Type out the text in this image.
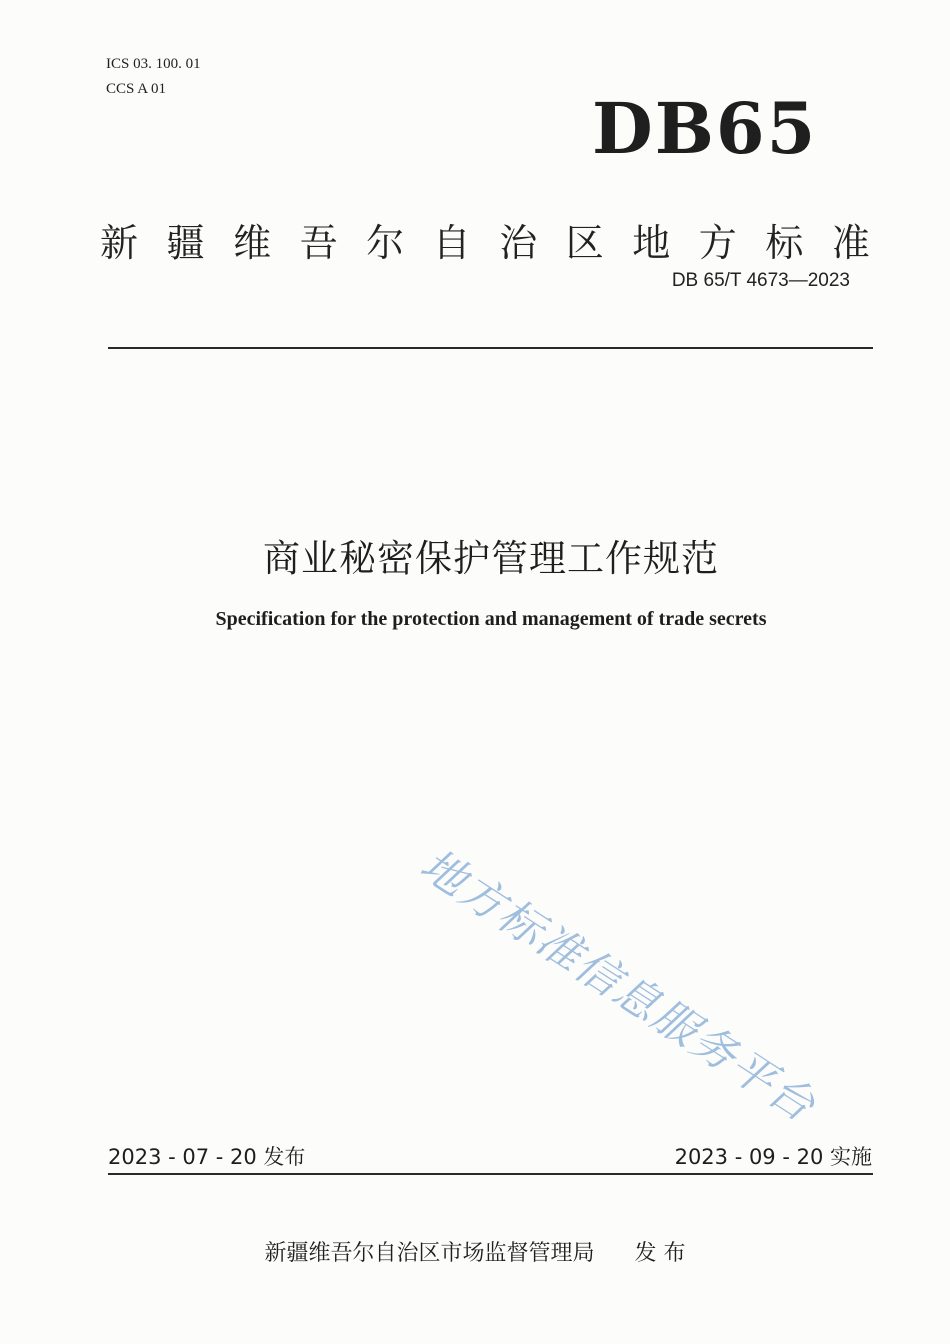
ICS 03. 100. 01
CCS A 01	DB65
新 疆 维 吾 尔 自 治 区 地 方 标 准
DB 65/T 4673—2023
商业秘密保护管理工作规范
Specification for the protection and management of trade secrets
地方标准信息服务平台
2023 - 07 - 20 发布	2023 - 09 - 20 实施
新疆维吾尔自治区市场监督管理局 发 布
